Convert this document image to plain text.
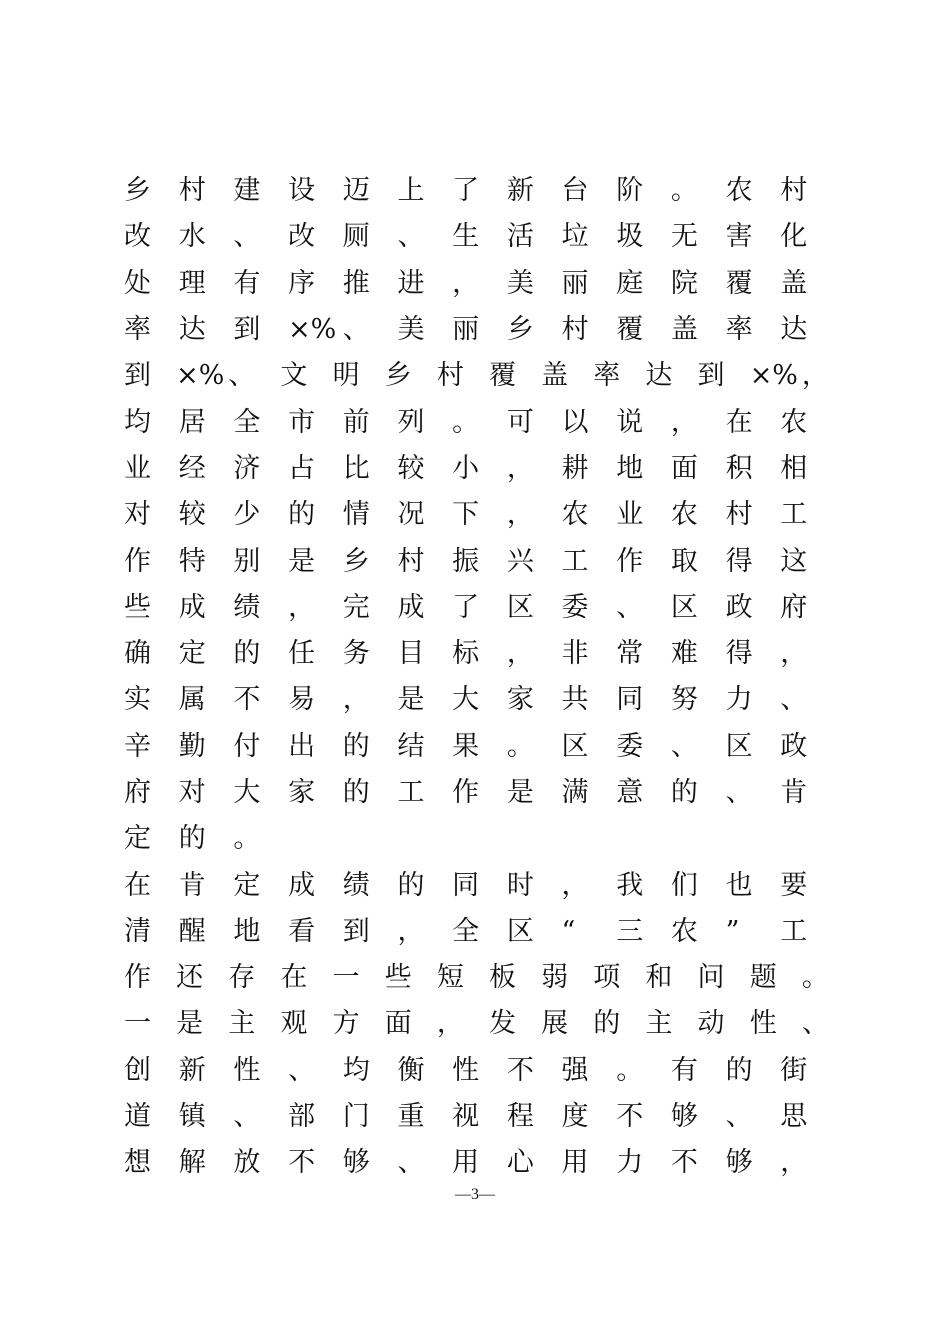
乡	村	建	设	迈	上	了	新	台	阶	。	农	村
改	水	、	改	厕	、	生	活	垃	圾	无	害	化
处	理	有	序	推	进	，	美	丽	庭	院	覆	盖
率	达	到	×% 、	美	丽	乡	村	覆	盖	率	达
到 ×% 、 文 明 乡 村 覆 盖 率 达 到 ×% ，
均	居	全	市	前	列	。	可	以	说	，	在	农
业	经	济	占	比	较	小	，	耕	地	面	积	相
对	较	少	的	情	况	下	，	农	业	农	村	工
作	特	别	是	乡	村	振	兴	工	作	取	得	这
些	成	绩	，	完	成	了	区	委	、	区	政	府
确	定	的	任	务	目	标	，	非	常	难	得	，
实	属	不	易	，	是	大	家	共	同	努	力	、
辛	勤	付	出	的	结	果	。	区	委	、	区	政
府	对	大	家	的	工	作	是	满	意	的	、	肯
定	的	。
在	肯	定	成	绩	的	同	时	，	我	们	也	要
清	醒	地	看	到	，	全	区	“	三	农	”	工
作 还 存 在 一 些 短 板 弱 项 和 问 题 。
一 是 主 观 方 面 ， 发 展 的 主 动 性 、
创	新	性	、	均	衡	性	不	强	。	有	的	街
道	镇	、	部	门	重	视	程	度	不	够	、	思
想	解	放	不	够	、	用	心	用	力	不	够	，
—3—
